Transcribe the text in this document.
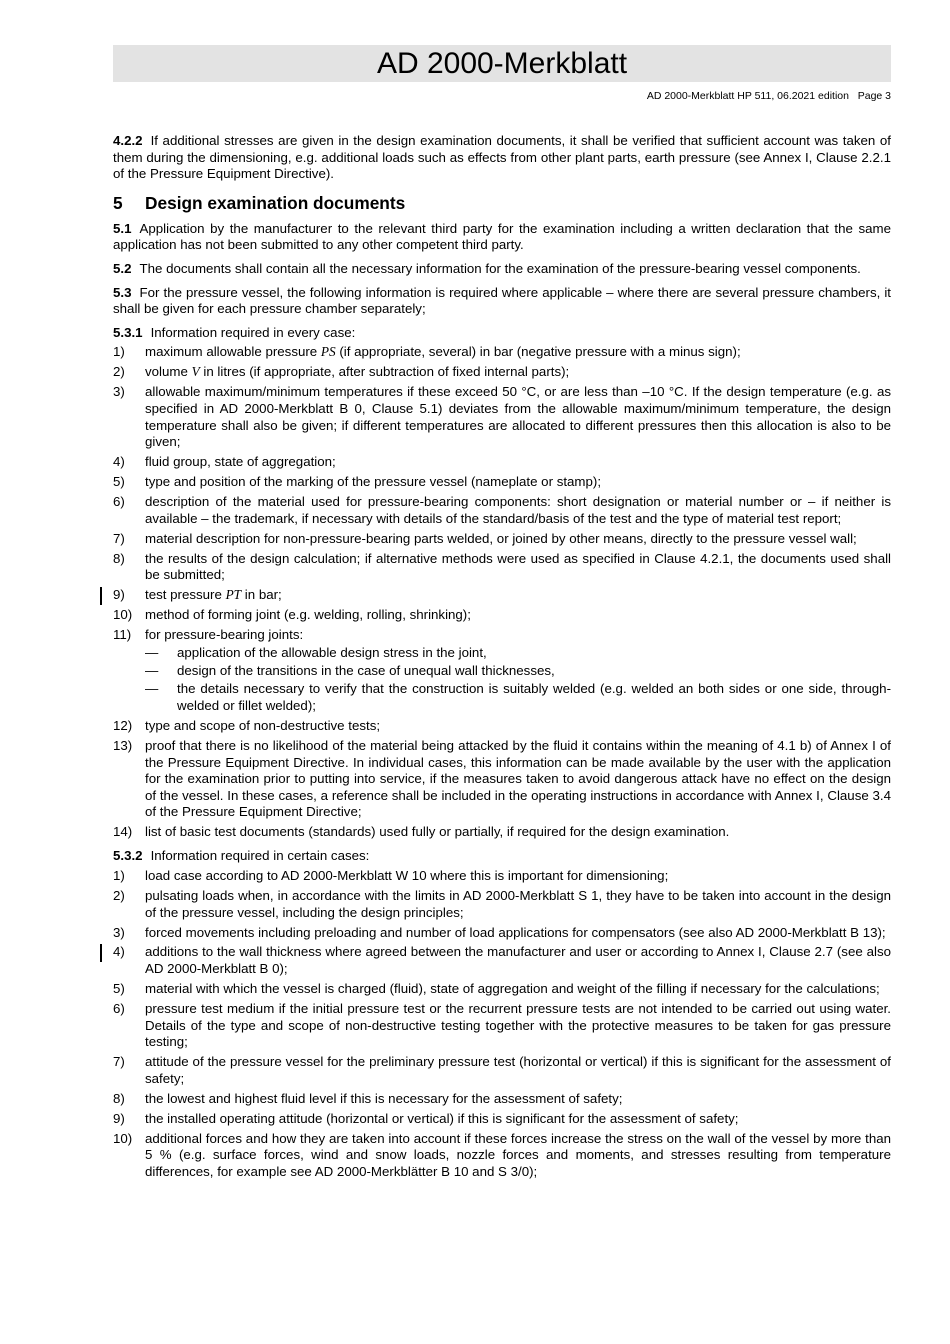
AD 2000-Merkblatt
AD 2000-Merkblatt HP 511, 06.2021 edition   Page 3

4.2.2 If additional stresses are given in the design examination documents, it shall be verified that sufficient account was taken of them during the dimensioning, e.g. additional loads such as effects from other plant parts, earth pressure (see Annex I, Clause 2.2.1 of the Pressure Equipment Directive).

5 Design examination documents

5.1 Application by the manufacturer to the relevant third party for the examination including a written declaration that the same application has not been submitted to any other competent third party.

5.2 The documents shall contain all the necessary information for the examination of the pressure-bearing vessel components.

5.3 For the pressure vessel, the following information is required where applicable – where there are several pressure chambers, it shall be given for each pressure chamber separately;

5.3.1 Information required in every case:

1) maximum allowable pressure PS (if appropriate, several) in bar (negative pressure with a minus sign);
2) volume V in litres (if appropriate, after subtraction of fixed internal parts);
3) allowable maximum/minimum temperatures if these exceed 50 °C, or are less than –10 °C. If the design temperature (e.g. as specified in AD 2000-Merkblatt B 0, Clause 5.1) deviates from the allowable maximum/minimum temperature, the design temperature shall also be given; if different temperatures are allocated to different pressures then this allocation is also to be given;
4) fluid group, state of aggregation;
5) type and position of the marking of the pressure vessel (nameplate or stamp);
6) description of the material used for pressure-bearing components: short designation or material number or – if neither is available – the trademark, if necessary with details of the standard/basis of the test and the type of material test report;
7) material description for non-pressure-bearing parts welded, or joined by other means, directly to the pressure vessel wall;
8) the results of the design calculation; if alternative methods were used as specified in Clause 4.2.1, the documents used shall be submitted;
9) test pressure PT in bar;
10) method of forming joint (e.g. welding, rolling, shrinking);
11) for pressure-bearing joints:
— application of the allowable design stress in the joint,
— design of the transitions in the case of unequal wall thicknesses,
— the details necessary to verify that the construction is suitably welded (e.g. welded an both sides or one side, through-welded or fillet welded);
12) type and scope of non-destructive tests;
13) proof that there is no likelihood of the material being attacked by the fluid it contains within the meaning of 4.1 b) of Annex I of the Pressure Equipment Directive. In individual cases, this information can be made available by the user with the application for the examination prior to putting into service, if the measures taken to avoid dangerous attack have no effect on the design of the vessel. In these cases, a reference shall be included in the operating instructions in accordance with Annex I, Clause 3.4 of the Pressure Equipment Directive;
14) list of basic test documents (standards) used fully or partially, if required for the design examination.

5.3.2 Information required in certain cases:

1) load case according to AD 2000-Merkblatt W 10 where this is important for dimensioning;
2) pulsating loads when, in accordance with the limits in AD 2000-Merkblatt S 1, they have to be taken into account in the design of the pressure vessel, including the design principles;
3) forced movements including preloading and number of load applications for compensators (see also AD 2000-Merkblatt B 13);
4) additions to the wall thickness where agreed between the manufacturer and user or according to Annex I, Clause 2.7 (see also AD 2000-Merkblatt B 0);
5) material with which the vessel is charged (fluid), state of aggregation and weight of the filling if necessary for the calculations;
6) pressure test medium if the initial pressure test or the recurrent pressure tests are not intended to be carried out using water. Details of the type and scope of non-destructive testing together with the protective measures to be taken for gas pressure testing;
7) attitude of the pressure vessel for the preliminary pressure test (horizontal or vertical) if this is significant for the assessment of safety;
8) the lowest and highest fluid level if this is necessary for the assessment of safety;
9) the installed operating attitude (horizontal or vertical) if this is significant for the assessment of safety;
10) additional forces and how they are taken into account if these forces increase the stress on the wall of the vessel by more than 5 % (e.g. surface forces, wind and snow loads, nozzle forces and moments, and stresses resulting from temperature differences, for example see AD 2000-Merkblätter B 10 and S 3/0);
